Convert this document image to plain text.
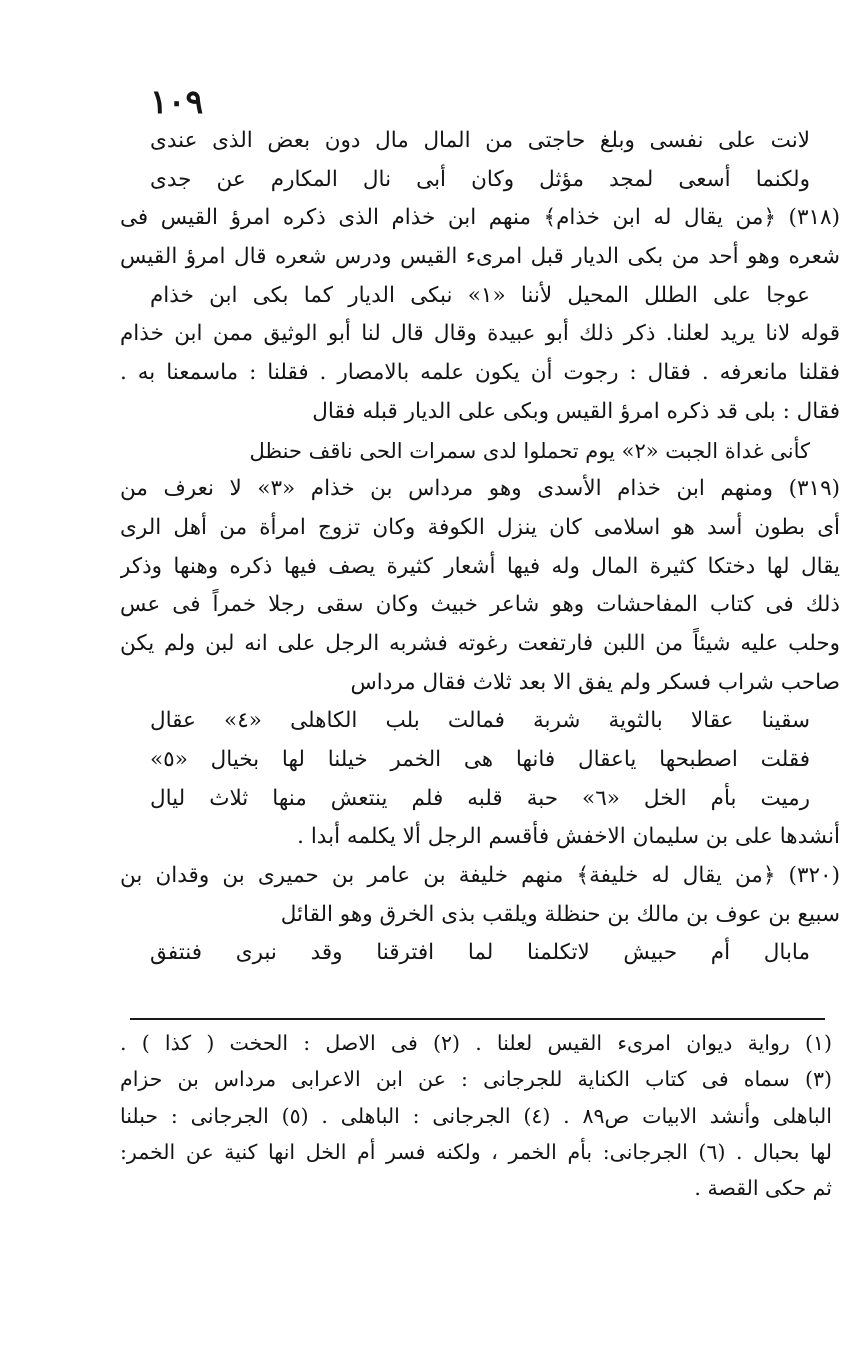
١٠٩
لانت على نفسى وبلغ حاجتى من المال مال دون بعض الذى عندى
ولكنما أسعى لمجد مؤثل وكان أبى نال المكارم عن جدى
(٣١٨) ﴿من يقال له ابن خذام﴾ منهم ابن خذام الذى ذكره امرؤ القيس فى
شعره وهو أحد من بكى الديار قبل امرىء القيس ودرس شعره قال امرؤ القيس
عوجا على الطلل المحيل لأننا «١» نبكى الديار كما بكى ابن خذام
قوله لانا يريد لعلنا. ذكر ذلك أبو عبيدة وقال قال لنا أبو الوثيق ممن ابن خذام
فقلنا مانعرفه . فقال : رجوت أن يكون علمه بالامصار . فقلنا : ماسمعنا به .
فقال : بلى قد ذكره امرؤ القيس وبكى على الديار قبله فقال
كأنى غداة الجبت «٢» يوم تحملوا لدى سمرات الحى ناقف حنظل
(٣١٩) ومنهم ابن خذام الأسدى وهو مرداس بن خذام «٣» لا نعرف من
أى بطون أسد هو اسلامى كان ينزل الكوفة وكان تزوج امرأة من أهل الرى
يقال لها دختكا كثيرة المال وله فيها أشعار كثيرة يصف فيها ذكره وهنها وذكر
ذلك فى كتاب المفاحشات وهو شاعر خبيث وكان سقى رجلا خمراً فى عس
وحلب عليه شيئاً من اللبن فارتفعت رغوته فشربه الرجل على انه لبن ولم يكن
صاحب شراب فسكر ولم يفق الا بعد ثلاث فقال مرداس
سقينا عقالا بالثوية شربة فمالت بلب الكاهلى «٤» عقال
فقلت اصطبحها ياعقال فانها هى الخمر خيلنا لها بخيال «٥»
رميت بأم الخل «٦» حبة قلبه فلم ينتعش منها ثلاث ليال
أنشدها على بن سليمان الاخفش فأقسم الرجل ألا يكلمه أبدا .
(٣٢٠) ﴿من يقال له خليفة﴾ منهم خليفة بن عامر بن حميرى بن وقدان بن
سبيع بن عوف بن مالك بن حنظلة ويلقب بذى الخرق وهو القائل
مابال أم حبيش لاتكلمنا لما افترقنا وقد نبرى فنتفق
(١) رواية ديوان امرىء القيس لعلنا . (٢) فى الاصل : الحخت ( كذا ) .
(٣) سماه فى كتاب الكناية للجرجانى : عن ابن الاعرابى مرداس بن حزام
الباهلى وأنشد الابيات ص٨٩ . (٤) الجرجانى : الباهلى . (٥) الجرجانى : حبلنا
لها بحبال . (٦) الجرجانى: بأم الخمر ، ولكنه فسر أم الخل انها كنية عن الخمر:
ثم حكى القصة .
